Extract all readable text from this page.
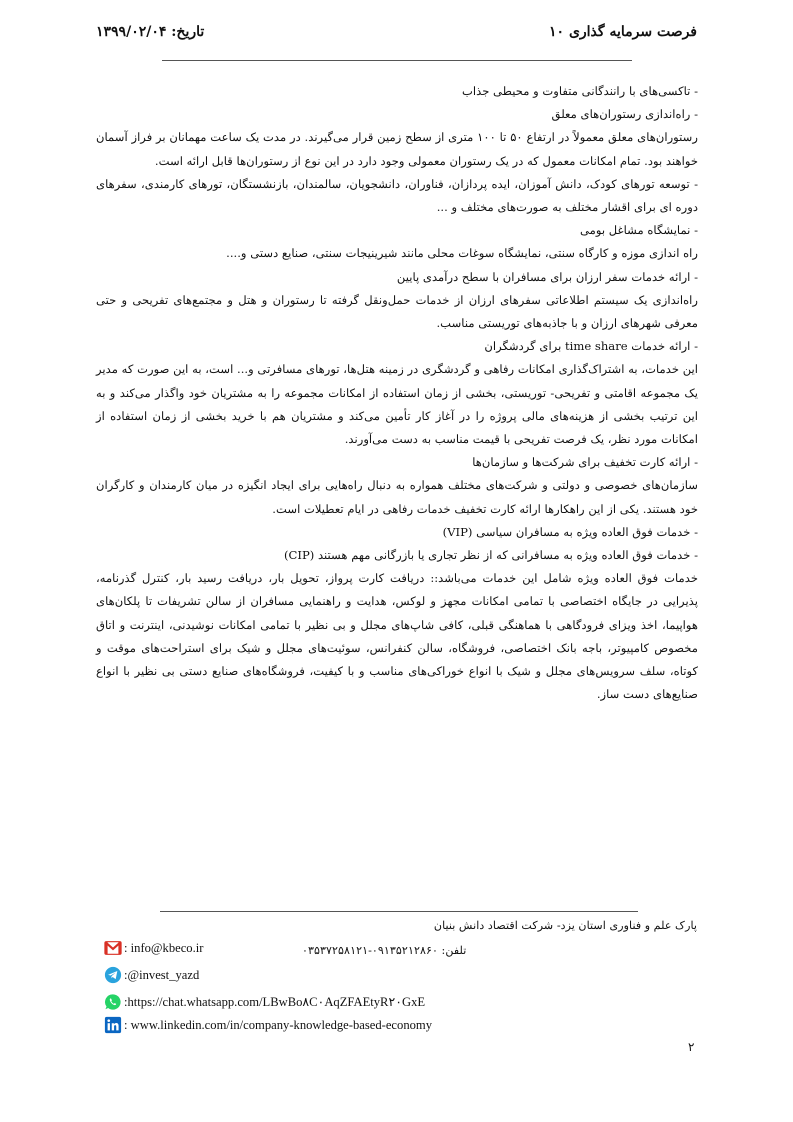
فرصت سرمایه گذاری ۱۰
تاریخ: ۱۳۹۹/۰۲/۰۴

- تاکسی‌های با رانندگانی متفاوت و محیطی جذاب

- راه‌اندازی رستوران‌های معلق

رستوران‌های معلق معمولاً در ارتفاع ۵۰ تا ۱۰۰ متری از سطح زمین قرار می‌گیرند. در مدت یک ساعت مهمانان بر فراز آسمان خواهند بود. تمام امکانات معمول که در یک رستوران معمولی وجود دارد در این نوع از رستوران‌ها قابل ارائه است.

- توسعه تورهای کودک، دانش آموزان، ایده پردازان، فناوران، دانشجویان، سالمندان، بازنشستگان، تورهای کارمندی، سفرهای دوره ای برای اقشار مختلف به صورت‌های مختلف و ...

- نمایشگاه مشاغل بومی

راه اندازی موزه و کارگاه سنتی، نمایشگاه سوغات محلی مانند شیرینیجات سنتی، صنایع دستی و....

- ارائه خدمات سفر ارزان برای مسافران با سطح درآمدی پایین

راه‌اندازی یک سیستم اطلاعاتی سفرهای ارزان از خدمات حمل‌ونقل گرفته تا رستوران و هتل و مجتمع‌های تفریحی و حتی معرفی شهرهای ارزان و با جاذبه‌های توریستی مناسب.

- ارائه خدمات time share برای گردشگران

این خدمات، به اشتراک‌گذاری امکانات رفاهی و گردشگری در زمینه هتل‌ها، تورهای مسافرتی و... است، به این صورت که مدیر یک مجموعه اقامتی و تفریحی- توریستی، بخشی از زمان استفاده از امکانات مجموعه را به مشتریان خود واگذار می‌کند و به این ترتیب بخشی از هزینه‌های مالی پروژه را در آغاز کار تأمین می‌کند و مشتریان هم با خرید بخشی از زمان استفاده از امکانات مورد نظر، یک فرصت تفریحی با قیمت مناسب به دست می‌آورند.

- ارائه کارت تخفیف برای شرکت‌ها و سازمان‌ها

سازمان‌های خصوصی و دولتی و شرکت‌های مختلف همواره به دنبال راه‌هایی برای ایجاد انگیزه در میان کارمندان و کارگران خود هستند. یکی از این راهکارها ارائه کارت تخفیف خدمات رفاهی در ایام تعطیلات است.

- خدمات فوق العاده ویژه به مسافران سیاسی (VIP)

- خدمات فوق العاده ویژه به مسافرانی که از نظر تجاری یا بازرگانی مهم هستند (CIP)

خدمات فوق العاده ویژه شامل این خدمات می‌باشد:: دریافت کارت پرواز، تحویل بار، دریافت رسید بار، کنترل گذرنامه، پذیرایی در جایگاه اختصاصی با تمامی امکانات مجهز و لوکس، هدایت و راهنمایی مسافران از سالن تشریفات تا پلکان‌های هواپیما، اخذ ویزای فرودگاهی با هماهنگی قبلی، کافی شاپ‌های مجلل و بی نظیر با تمامی امکانات نوشیدنی، اینترنت و اتاق مخصوص کامپیوتر، باجه بانک اختصاصی، فروشگاه، سالن کنفرانس، سوئیت‌های مجلل و شیک برای استراحت‌های موقت و کوتاه، سلف سرویس‌های مجلل و شیک با انواع خوراکی‌های مناسب و با کیفیت، فروشگاه‌های صنایع دستی بی نظیر با انواع صنایع‌های دست ساز.

پارک علم و فناوری استان یزد- شرکت اقتصاد دانش بنیان
تلفن: ۰۹۱۳۵۲۱۲۸۶۰-۰۳۵۳۷۲۵۸۱۲۱
: info@kbeco.ir
:@invest_yazd
:https://chat.whatsapp.com/LBwBo۸C۰AqZFAEtyR۲۰GxE
: www.linkedin.com/in/company-knowledge-based-economy
۲
